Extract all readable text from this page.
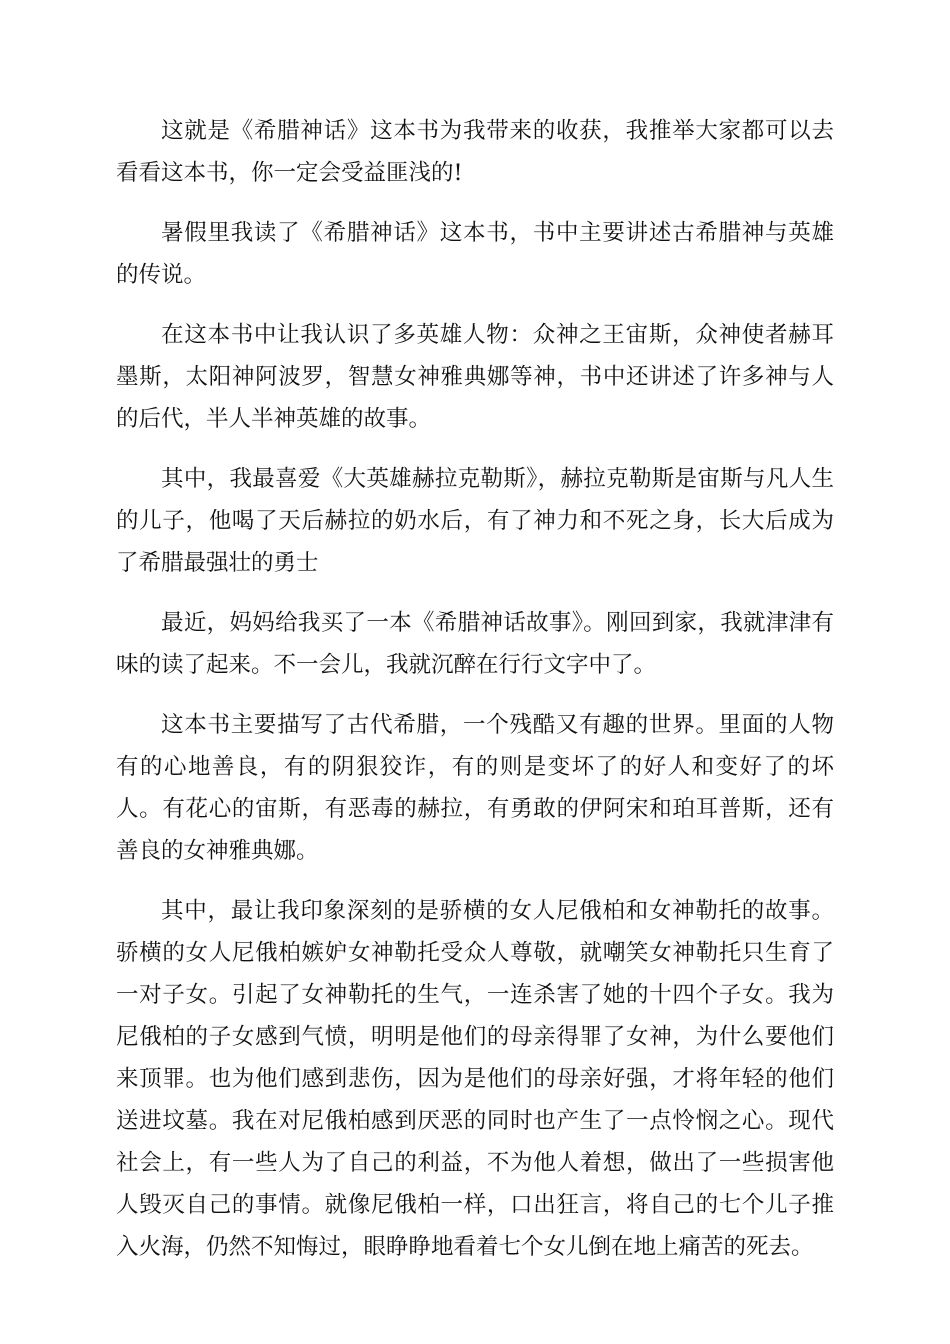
这就是《希腊神话》这本书为我带来的收获，我推举大家都可以去看看这本书，你一定会受益匪浅的!

暑假里我读了《希腊神话》这本书，书中主要讲述古希腊神与英雄的传说。

在这本书中让我认识了多英雄人物：众神之王宙斯，众神使者赫耳墨斯，太阳神阿波罗，智慧女神雅典娜等神，书中还讲述了许多神与人的后代，半人半神英雄的故事。

其中，我最喜爱《大英雄赫拉克勒斯》，赫拉克勒斯是宙斯与凡人生的儿子，他喝了天后赫拉的奶水后，有了神力和不死之身，长大后成为了希腊最强壮的勇士

最近，妈妈给我买了一本《希腊神话故事》。刚回到家，我就津津有味的读了起来。不一会儿，我就沉醉在行行文字中了。

这本书主要描写了古代希腊，一个残酷又有趣的世界。里面的人物有的心地善良，有的阴狠狡诈，有的则是变坏了的好人和变好了的坏人。有花心的宙斯，有恶毒的赫拉，有勇敢的伊阿宋和珀耳普斯，还有善良的女神雅典娜。

其中，最让我印象深刻的是骄横的女人尼俄柏和女神勒托的故事。骄横的女人尼俄柏嫉妒女神勒托受众人尊敬，就嘲笑女神勒托只生育了一对子女。引起了女神勒托的生气，一连杀害了她的十四个子女。我为尼俄柏的子女感到气愤，明明是他们的母亲得罪了女神，为什么要他们来顶罪。也为他们感到悲伤，因为是他们的母亲好强，才将年轻的他们送进坟墓。我在对尼俄柏感到厌恶的同时也产生了一点怜悯之心。现代社会上，有一些人为了自己的利益，不为他人着想，做出了一些损害他人毁灭自己的事情。就像尼俄柏一样，口出狂言，将自己的七个儿子推入火海，仍然不知悔过，眼睁睁地看着七个女儿倒在地上痛苦的死去。
